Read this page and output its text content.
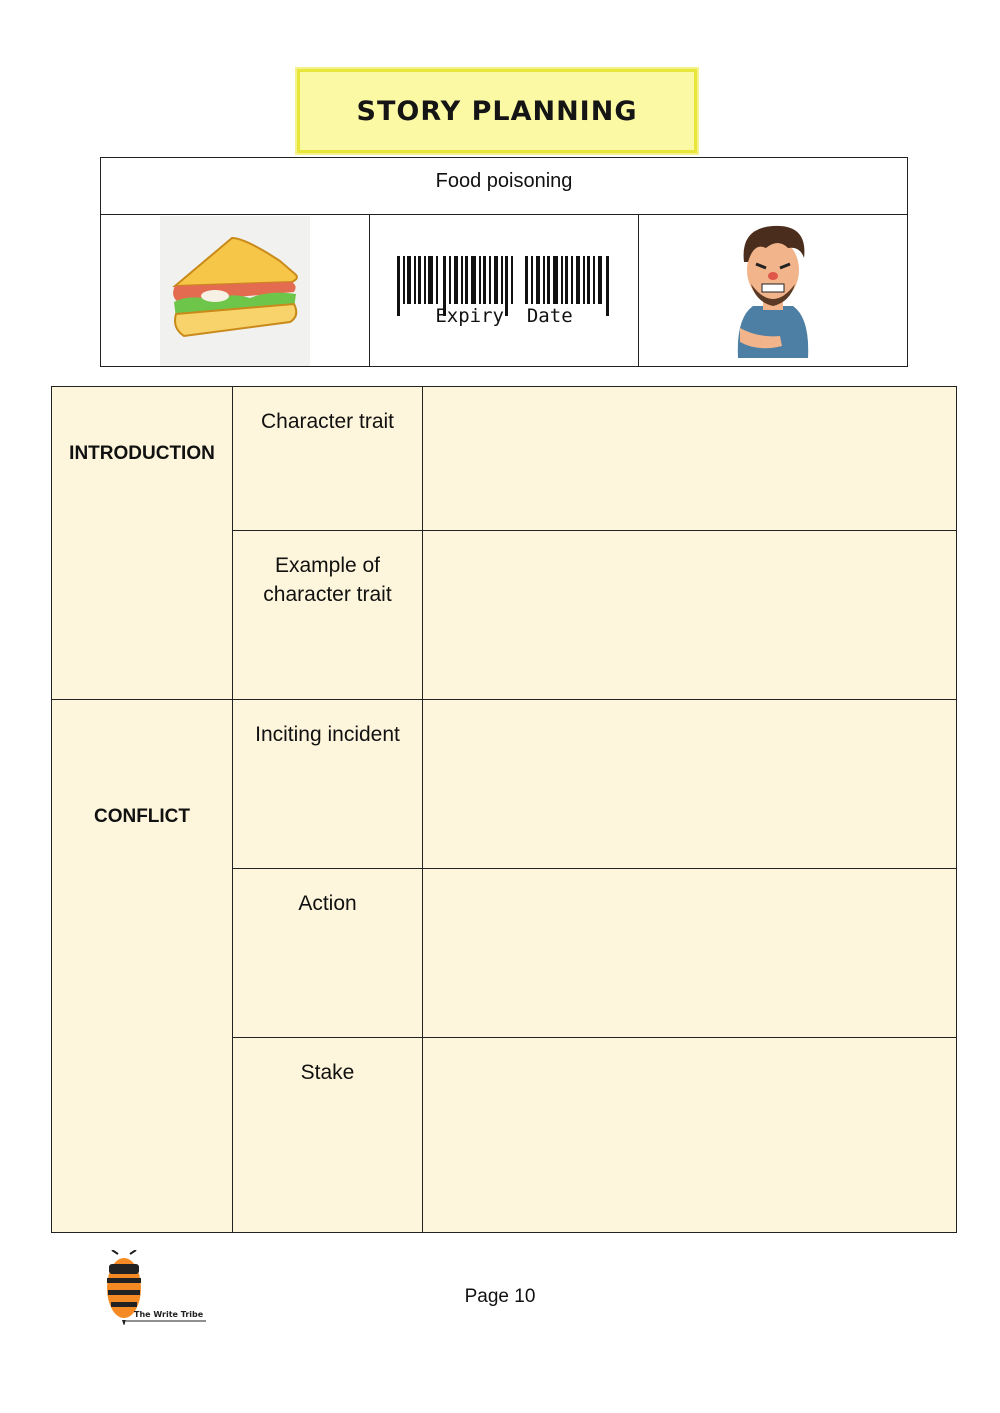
STORY PLANNING
Food poisoning
Expiry  Date
INTRODUCTION	Character trait	

	Example of character trait	

CONFLICT	Inciting incident	

	Action	

	Stake	

The Write Tribe
Page 10
